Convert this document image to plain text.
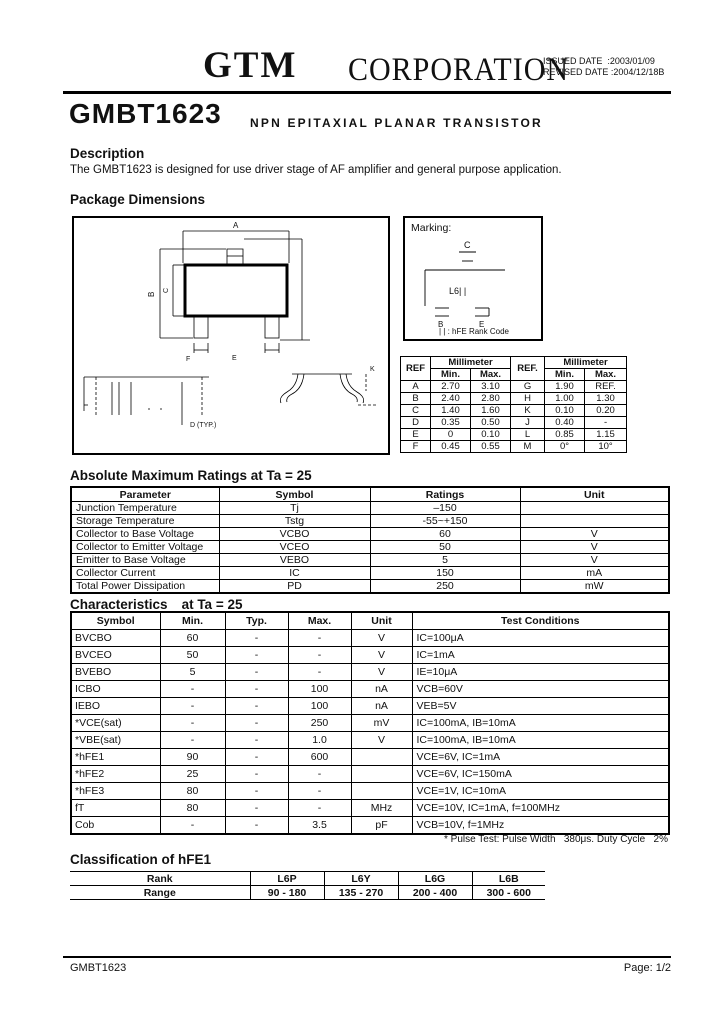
GTM CORPORATION
ISSUED DATE  :2003/01/09
REVISED DATE :2004/12/18B
GMBT1623 NPN EPITAXIAL PLANAR TRANSISTOR
Description
The GMBT1623 is designed for use driver stage of AF amplifier and general purpose application.
Package Dimensions
A
B
C
F	E
D (TYP.)
K
Marking:
C
L6| |
B	E
| | : hFE Rank Code
REF	Millimeter		REF.	Millimeter	
	Min.	Max.		Min.	Max.
A	2.70	3.10	G	1.90	REF.
B	2.40	2.80	H	1.00	1.30
C	1.40	1.60	K	0.10	0.20
D	0.35	0.50	J	0.40	-
E	0	0.10	L	0.85	1.15
F	0.45	0.55	M	0°	10°
Absolute Maximum Ratings at Ta = 25
Parameter	Symbol	Ratings	Unit
Junction Temperature	Tj	–150	
Storage Temperature	Tstg	-55~+150	
Collector to Base Voltage	VCBO	60	V
Collector to Emitter Voltage	VCEO	50	V
Emitter to Base Voltage	VEBO	5	V
Collector Current	IC	150	mA
Total Power Dissipation	PD	250	mW
Characteristics at Ta = 25
Symbol	Min.	Typ.	Max.	Unit	Test Conditions
BVCBO	60	-	-	V	IC=100μA
BVCEO	50	-	-	V	IC=1mA
BVEBO	5	-	-	V	IE=10μA
ICBO	-	-	100	nA	VCB=60V
IEBO	-	-	100	nA	VEB=5V
*VCE(sat)	-	-	250	mV	IC=100mA, IB=10mA
*VBE(sat)	-	-	1.0	V	IC=100mA, IB=10mA
*hFE1	90	-	600		VCE=6V, IC=1mA
*hFE2	25	-	-		VCE=6V, IC=150mA
*hFE3	80	-	-		VCE=1V, IC=10mA
fT	80	-	-	MHz	VCE=10V, IC=1mA, f=100MHz
Cob	-	-	3.5	pF	VCB=10V, f=1MHz
* Pulse Test: Pulse Width   380μs. Duty Cycle   2%
Classification of hFE1
Rank	L6P	L6Y	L6G	L6B
Range	90 - 180	135 - 270	200 - 400	300 - 600
GMBT1623	Page: 1/2
